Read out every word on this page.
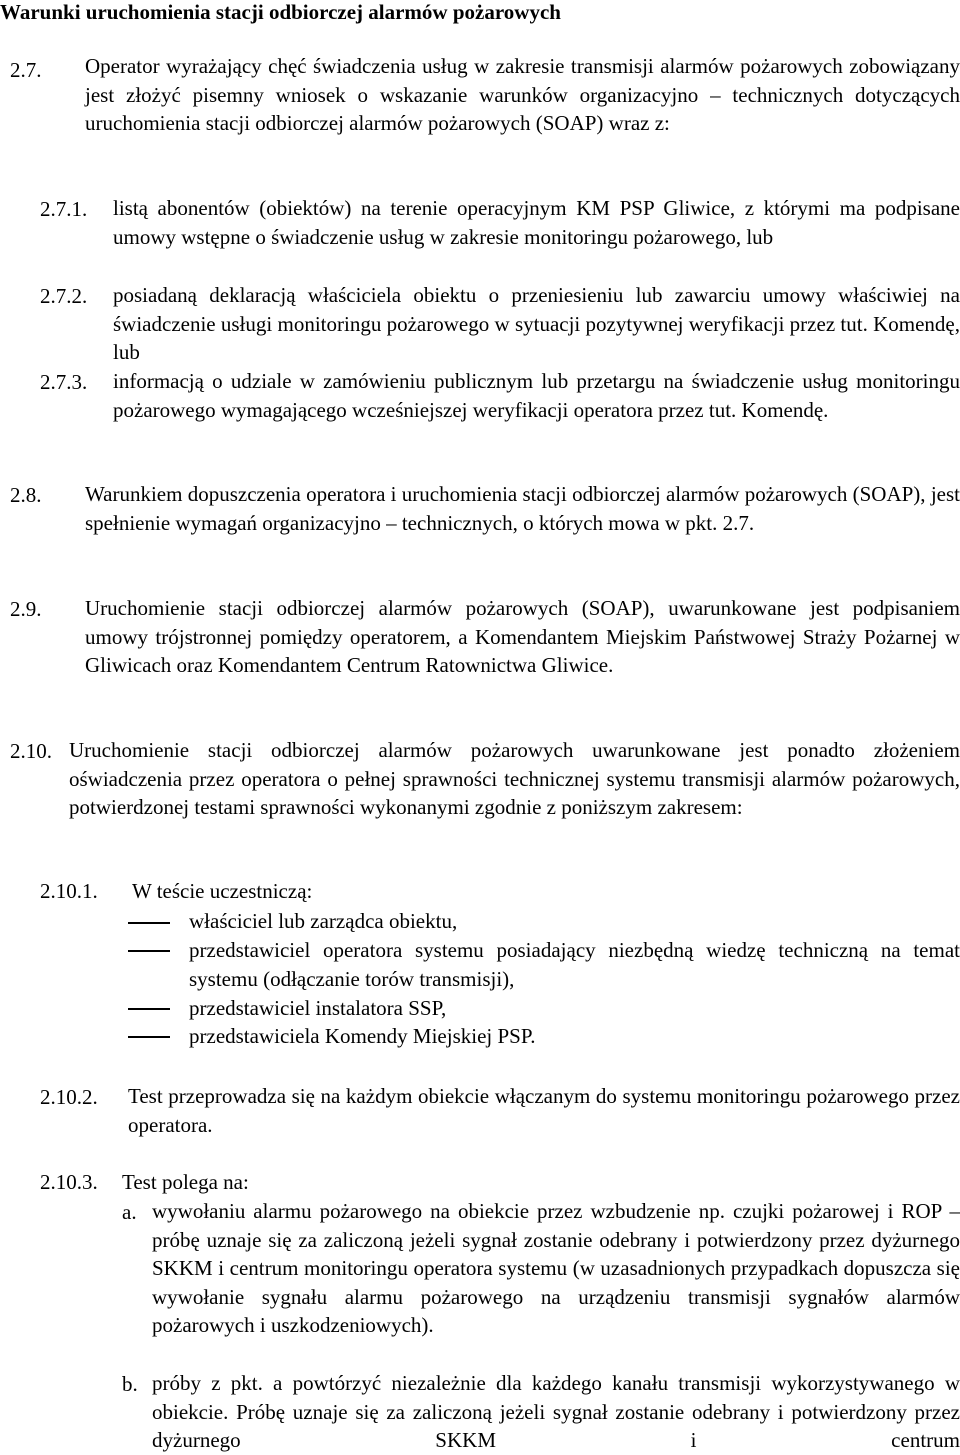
Warunki uruchomienia stacji odbiorczej alarmów pożarowych
2.7. Operator wyrażający chęć świadczenia usług w zakresie transmisji alarmów pożarowych zobowiązany jest złożyć pisemny wniosek o wskazanie warunków organizacyjno – technicznych dotyczących uruchomienia stacji odbiorczej alarmów pożarowych (SOAP) wraz z:
2.7.1. listą abonentów (obiektów) na terenie operacyjnym KM PSP Gliwice, z którymi ma podpisane umowy wstępne o świadczenie usług w zakresie monitoringu pożarowego, lub
2.7.2. posiadaną deklaracją właściciela obiektu o przeniesieniu lub zawarciu umowy właściwiej na świadczenie usługi monitoringu pożarowego w sytuacji pozytywnej weryfikacji przez tut. Komendę, lub
2.7.3. informacją o udziale w zamówieniu publicznym lub przetargu na świadczenie usług monitoringu pożarowego wymagającego wcześniejszej weryfikacji operatora przez tut. Komendę.
2.8. Warunkiem dopuszczenia operatora i uruchomienia stacji odbiorczej alarmów pożarowych (SOAP), jest spełnienie wymagań organizacyjno – technicznych, o których mowa w pkt. 2.7.
2.9. Uruchomienie stacji odbiorczej alarmów pożarowych (SOAP), uwarunkowane jest podpisaniem umowy trójstronnej pomiędzy operatorem, a Komendantem Miejskim Państwowej Straży Pożarnej w Gliwicach oraz Komendantem Centrum Ratownictwa Gliwice.
2.10. Uruchomienie stacji odbiorczej alarmów pożarowych uwarunkowane jest ponadto złożeniem oświadczenia przez operatora o pełnej sprawności technicznej systemu transmisji alarmów pożarowych, potwierdzonej testami sprawności wykonanymi zgodnie z poniższym zakresem:
2.10.1. W teście uczestniczą:
właściciel lub zarządca obiektu,
przedstawiciel operatora systemu posiadający niezbędną wiedzę techniczną na temat systemu (odłączanie torów transmisji),
przedstawiciel instalatora SSP,
przedstawiciela Komendy Miejskiej PSP.
2.10.2. Test przeprowadza się na każdym obiekcie włączanym do systemu monitoringu pożarowego przez operatora.
2.10.3. Test polega na:
a. wywołaniu alarmu pożarowego na obiekcie przez wzbudzenie np. czujki pożarowej i ROP – próbę uznaje się za zaliczoną jeżeli sygnał zostanie odebrany i potwierdzony przez dyżurnego SKKM i centrum monitoringu operatora systemu (w uzasadnionych przypadkach dopuszcza się wywołanie sygnału alarmu pożarowego na urządzeniu transmisji sygnałów alarmów pożarowych i uszkodzeniowych).
b. próby z pkt. a powtórzyć niezależnie dla każdego kanału transmisji wykorzystywanego w obiekcie. Próbę uznaje się za zaliczoną jeżeli sygnał zostanie odebrany i potwierdzony przez dyżurnego SKKM i centrum
